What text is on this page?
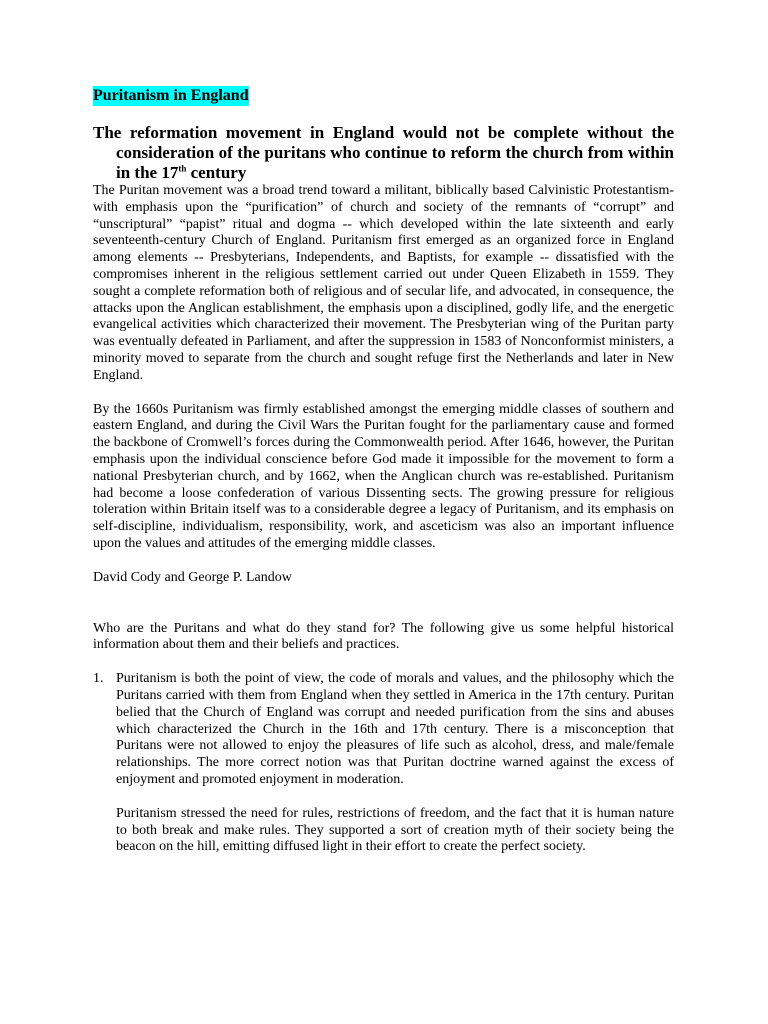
Puritanism in England
The reformation movement in England would not be complete without the consideration of the puritans who continue to reform the church from within in the 17th century

The Puritan movement was a broad trend toward a militant, biblically based Calvinistic Protestantism-with emphasis upon the “purification” of church and society of the remnants of “corrupt” and “unscriptural” “papist” ritual and dogma -- which developed within the late sixteenth and early seventeenth-century Church of England. Puritanism first emerged as an organized force in England among elements -- Presbyterians, Independents, and Baptists, for example -- dissatisfied with the compromises inherent in the religious settlement carried out under Queen Elizabeth in 1559. They sought a complete reformation both of religious and of secular life, and advocated, in consequence, the attacks upon the Anglican establishment, the emphasis upon a disciplined, godly life, and the energetic evangelical activities which characterized their movement. The Presbyterian wing of the Puritan party was eventually defeated in Parliament, and after the suppression in 1583 of Nonconformist ministers, a minority moved to separate from the church and sought refuge first the Netherlands and later in New England.

By the 1660s Puritanism was firmly established amongst the emerging middle classes of southern and eastern England, and during the Civil Wars the Puritan fought for the parliamentary cause and formed the backbone of Cromwell’s forces during the Commonwealth period. After 1646, however, the Puritan emphasis upon the individual conscience before God made it impossible for the movement to form a national Presbyterian church, and by 1662, when the Anglican church was re-established. Puritanism had become a loose confederation of various Dissenting sects. The growing pressure for religious toleration within Britain itself was to a considerable degree a legacy of Puritanism, and its emphasis on self-discipline, individualism, responsibility, work, and asceticism was also an important influence upon the values and attitudes of the emerging middle classes.

David Cody and George P. Landow

Who are the Puritans and what do they stand for? The following give us some helpful historical information about them and their beliefs and practices.

1. Puritanism is both the point of view, the code of morals and values, and the philosophy which the Puritans carried with them from England when they settled in America in the 17th century. Puritan belied that the Church of England was corrupt and needed purification from the sins and abuses which characterized the Church in the 16th and 17th century. There is a misconception that Puritans were not allowed to enjoy the pleasures of life such as alcohol, dress, and male/female relationships. The more correct notion was that Puritan doctrine warned against the excess of enjoyment and promoted enjoyment in moderation.

Puritanism stressed the need for rules, restrictions of freedom, and the fact that it is human nature to both break and make rules. They supported a sort of creation myth of their society being the beacon on the hill, emitting diffused light in their effort to create the perfect society.
